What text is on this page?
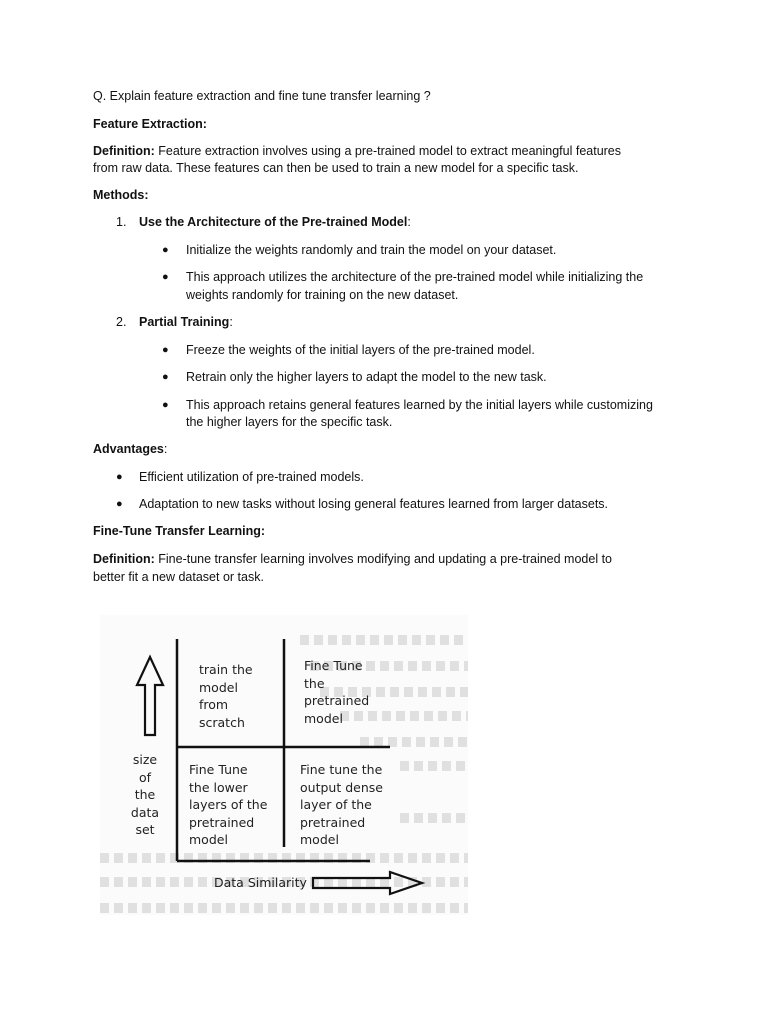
Q. Explain feature extraction and fine tune transfer learning ?
Feature Extraction:
Definition: Feature extraction involves using a pre-trained model to extract meaningful features
from raw data. These features can then be used to train a new model for a specific task.
Methods:
1. Use the Architecture of the Pre-trained Model:
● Initialize the weights randomly and train the model on your dataset.
● This approach utilizes the architecture of the pre-trained model while initializing the
weights randomly for training on the new dataset.
2. Partial Training:
● Freeze the weights of the initial layers of the pre-trained model.
● Retrain only the higher layers to adapt the model to the new task.
● This approach retains general features learned by the initial layers while customizing
the higher layers for the specific task.
Advantages:
● Efficient utilization of pre-trained models.
● Adaptation to new tasks without losing general features learned from larger datasets.
Fine-Tune Transfer Learning:
Definition: Fine-tune transfer learning involves modifying and updating a pre-trained model to
better fit a new dataset or task.
size
of
the
data
set
train the
model
from
scratch
Fine Tune
the
pretrained
model
Fine Tune
the lower
layers of the
pretrained
model
Fine tune the
output dense
layer of the
pretrained
model
Data Similarity
